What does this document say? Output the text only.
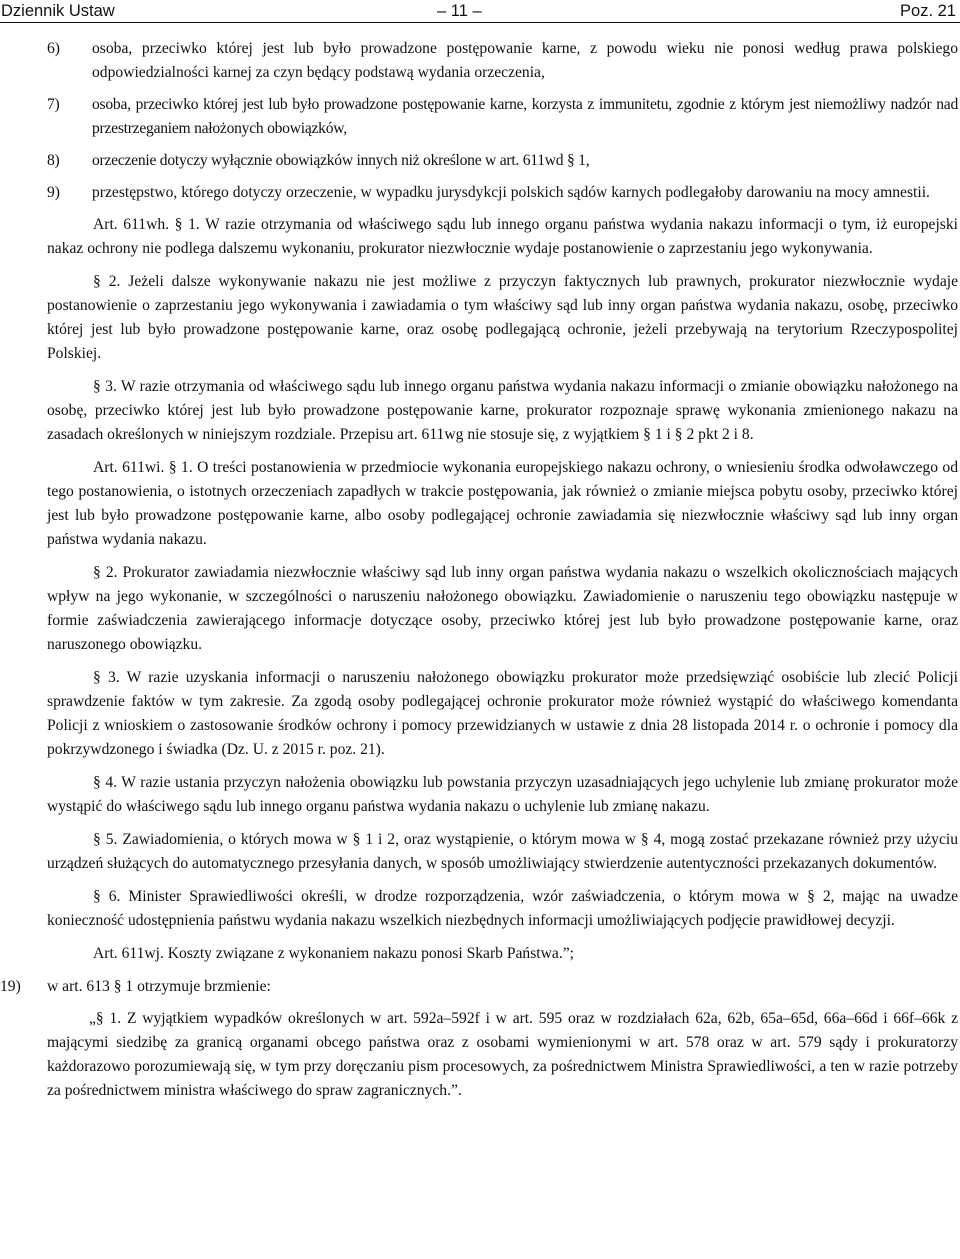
Dziennik Ustaw	– 11 –	Poz. 21
6) osoba, przeciwko której jest lub było prowadzone postępowanie karne, z powodu wieku nie ponosi według prawa polskiego odpowiedzialności karnej za czyn będący podstawą wydania orzeczenia,

7) osoba, przeciwko której jest lub było prowadzone postępowanie karne, korzysta z immunitetu, zgodnie z którym jest niemożliwy nadzór nad przestrzeganiem nałożonych obowiązków,

8) orzeczenie dotyczy wyłącznie obowiązków innych niż określone w art. 611wd § 1,

9) przestępstwo, którego dotyczy orzeczenie, w wypadku jurysdykcji polskich sądów karnych podlegałoby darowaniu na mocy amnestii.

Art. 611wh. § 1. W razie otrzymania od właściwego sądu lub innego organu państwa wydania nakazu informacji o tym, iż europejski nakaz ochrony nie podlega dalszemu wykonaniu, prokurator niezwłocznie wydaje postanowienie o zaprzestaniu jego wykonywania.

§ 2. Jeżeli dalsze wykonywanie nakazu nie jest możliwe z przyczyn faktycznych lub prawnych, prokurator niezwłocznie wydaje postanowienie o zaprzestaniu jego wykonywania i zawiadamia o tym właściwy sąd lub inny organ państwa wydania nakazu, osobę, przeciwko której jest lub było prowadzone postępowanie karne, oraz osobę podlegającą ochronie, jeżeli przebywają na terytorium Rzeczypospolitej Polskiej.

§ 3. W razie otrzymania od właściwego sądu lub innego organu państwa wydania nakazu informacji o zmianie obowiązku nałożonego na osobę, przeciwko której jest lub było prowadzone postępowanie karne, prokurator rozpoznaje sprawę wykonania zmienionego nakazu na zasadach określonych w niniejszym rozdziale. Przepisu art. 611wg nie stosuje się, z wyjątkiem § 1 i § 2 pkt 2 i 8.

Art. 611wi. § 1. O treści postanowienia w przedmiocie wykonania europejskiego nakazu ochrony, o wniesieniu środka odwoławczego od tego postanowienia, o istotnych orzeczeniach zapadłych w trakcie postępowania, jak również o zmianie miejsca pobytu osoby, przeciwko której jest lub było prowadzone postępowanie karne, albo osoby podlegającej ochronie zawiadamia się niezwłocznie właściwy sąd lub inny organ państwa wydania nakazu.

§ 2. Prokurator zawiadamia niezwłocznie właściwy sąd lub inny organ państwa wydania nakazu o wszelkich okolicznościach mających wpływ na jego wykonanie, w szczególności o naruszeniu nałożonego obowiązku. Zawiadomienie o naruszeniu tego obowiązku następuje w formie zaświadczenia zawierającego informacje dotyczące osoby, przeciwko której jest lub było prowadzone postępowanie karne, oraz naruszonego obowiązku.

§ 3. W razie uzyskania informacji o naruszeniu nałożonego obowiązku prokurator może przedsięwziąć osobiście lub zlecić Policji sprawdzenie faktów w tym zakresie. Za zgodą osoby podlegającej ochronie prokurator może również wystąpić do właściwego komendanta Policji z wnioskiem o zastosowanie środków ochrony i pomocy przewidzianych w ustawie z dnia 28 listopada 2014 r. o ochronie i pomocy dla pokrzywdzonego i świadka (Dz. U. z 2015 r. poz. 21).

§ 4. W razie ustania przyczyn nałożenia obowiązku lub powstania przyczyn uzasadniających jego uchylenie lub zmianę prokurator może wystąpić do właściwego sądu lub innego organu państwa wydania nakazu o uchylenie lub zmianę nakazu.

§ 5. Zawiadomienia, o których mowa w § 1 i 2, oraz wystąpienie, o którym mowa w § 4, mogą zostać przekazane również przy użyciu urządzeń służących do automatycznego przesyłania danych, w sposób umożliwiający stwierdzenie autentyczności przekazanych dokumentów.

§ 6. Minister Sprawiedliwości określi, w drodze rozporządzenia, wzór zaświadczenia, o którym mowa w § 2, mając na uwadze konieczność udostępnienia państwu wydania nakazu wszelkich niezbędnych informacji umożliwiających podjęcie prawidłowej decyzji.

Art. 611wj. Koszty związane z wykonaniem nakazu ponosi Skarb Państwa.”;

19) w art. 613 § 1 otrzymuje brzmienie:

„§ 1. Z wyjątkiem wypadków określonych w art. 592a–592f i w art. 595 oraz w rozdziałach 62a, 62b, 65a–65d, 66a–66d i 66f–66k z mającymi siedzibę za granicą organami obcego państwa oraz z osobami wymienionymi w art. 578 oraz w art. 579 sądy i prokuratorzy każdorazowo porozumiewają się, w tym przy doręczaniu pism procesowych, za pośrednictwem Ministra Sprawiedliwości, a ten w razie potrzeby za pośrednictwem ministra właściwego do spraw zagranicznych.”.
